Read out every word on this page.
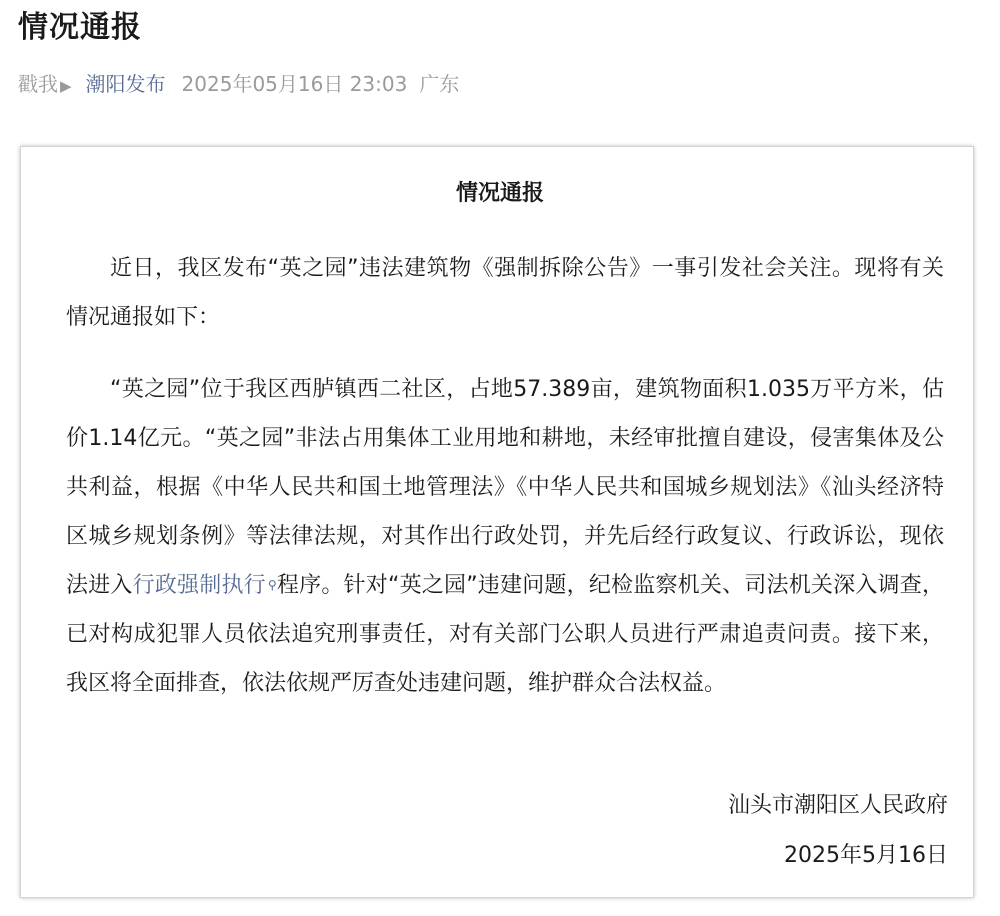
情况通报
戳我 ▶ 潮阳发布 2025年05月16日 23:03 广东
情况通报

近日，我区发布“英之园”违法建筑物《强制拆除公告》一事引发社会关注。现将有关情况通报如下：

“英之园”位于我区西胪镇西二社区，占地57.389亩，建筑物面积1.035万平方米，估价1.14亿元。“英之园”非法占用集体工业用地和耕地，未经审批擅自建设，侵害集体及公共利益，根据《中华人民共和国土地管理法》《中华人民共和国城乡规划法》《汕头经济特区城乡规划条例》等法律法规，对其作出行政处罚，并先后经行政复议、行政诉讼，现依法进入行政强制执行 ⚲程序。针对“英之园”违建问题，纪检监察机关、司法机关深入调查，已对构成犯罪人员依法追究刑事责任，对有关部门公职人员进行严肃追责问责。接下来，我区将全面排查，依法依规严厉查处违建问题，维护群众合法权益。

汕头市潮阳区人民政府
2025年5月16日
